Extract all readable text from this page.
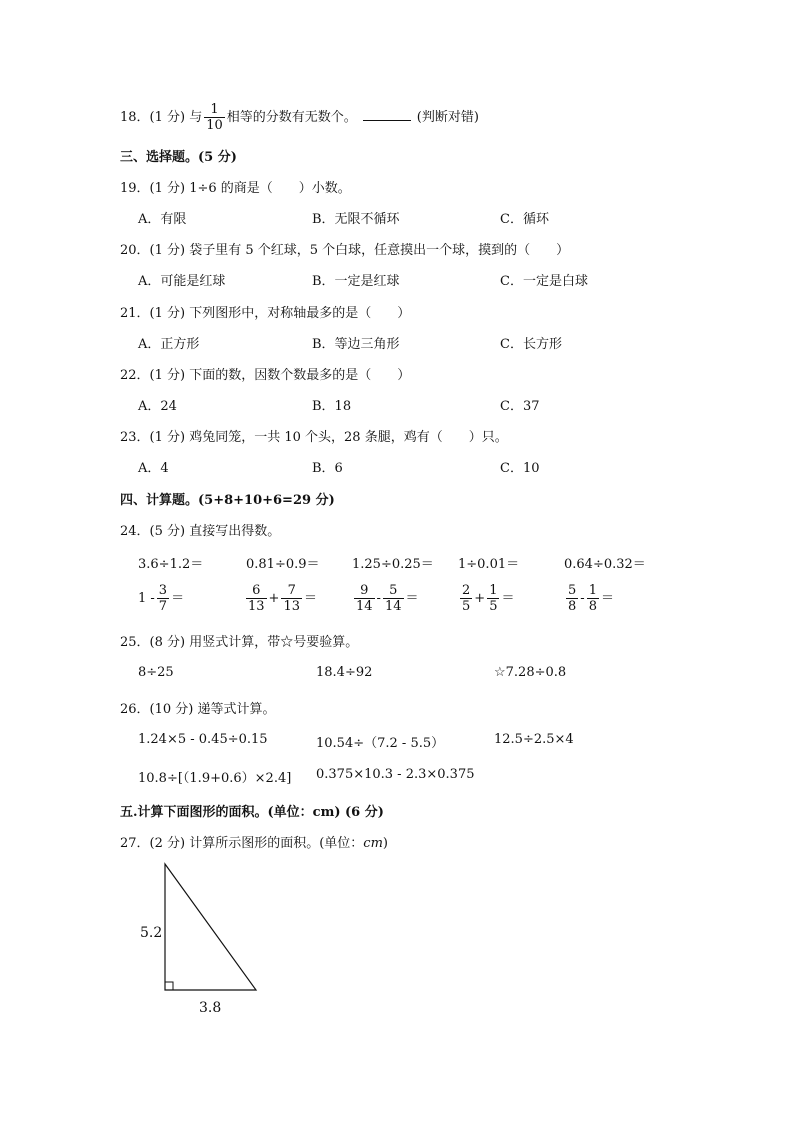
18．(1 分) 与 $\frac{1}{10}$ 相等的分数有无数个。	(判断对错)
三、选择题。(5 分)
19．(1 分) 1÷6 的商是（　　）小数。
A．有限	B．无限不循环	C．循环
20．(1 分) 袋子里有 5 个红球，5 个白球，任意摸出一个球，摸到的（　　）
A．可能是红球	B．一定是红球	C．一定是白球
21．(1 分) 下列图形中，对称轴最多的是（　　）
A．正方形	B．等边三角形	C．长方形
22．(1 分) 下面的数，因数个数最多的是（　　）
A．24	B．18	C．37
23．(1 分) 鸡兔同笼，一共 10 个头，28 条腿，鸡有（　　）只。
A．4	B．6	C．10
四、计算题。(5+8+10+6=29 分)
24．(5 分) 直接写出得数。
3.6÷1.2＝	0.81÷0.9＝ 1.25÷0.25＝ 1÷0.01＝	0.64÷0.32＝
$1 - \frac{3}{7}$ ＝	$\frac{6}{13} + \frac{7}{13}$ ＝	$\frac{9}{14} - \frac{5}{14}$ ＝	$\frac{2}{5} + \frac{1}{5}$ ＝	$\frac{5}{8} - \frac{1}{8}$ ＝
25．(8 分) 用竖式计算，带☆号要验算。
8÷25	18.4÷92	☆7.28÷0.8
26．(10 分) 递等式计算。
1.24×5 - 0.45÷0.15	10.54÷（7.2 - 5.5）	12.5÷2.5×4
10.8÷[（1.9+0.6）×2.4] 0.375×10.3 - 2.3×0.375
五.计算下面图形的面积。(单位：cm) (6 分)
27．(2 分) 计算所示图形的面积。(单位：cm)
5.2
3.8
